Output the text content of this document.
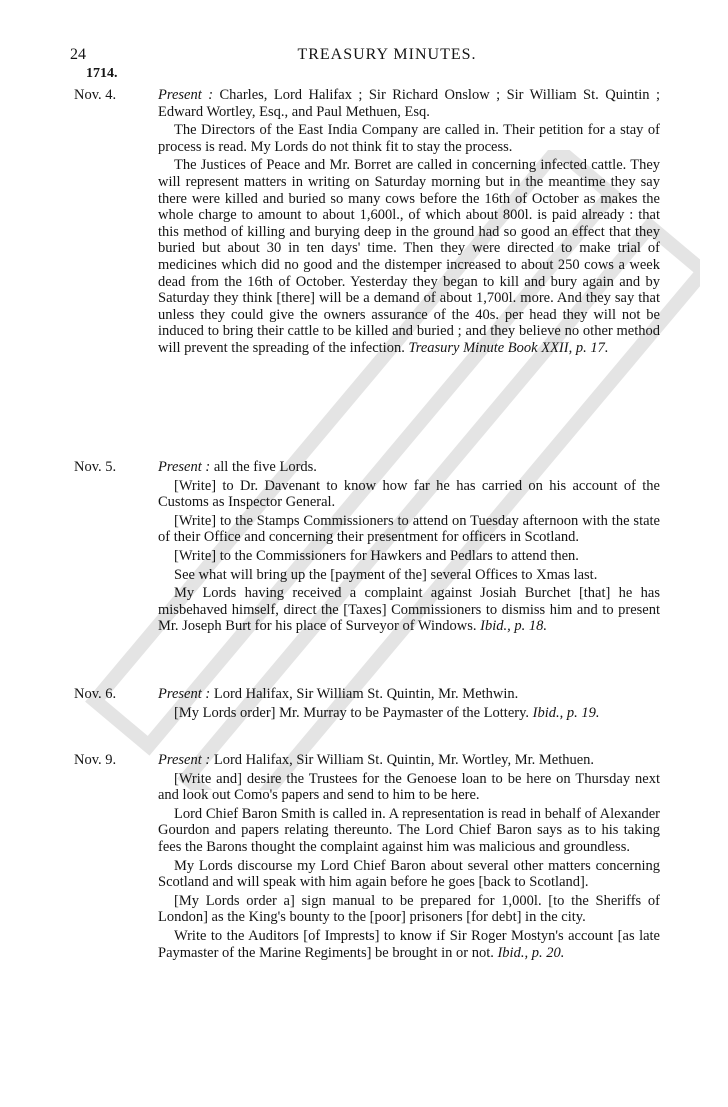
24	TREASURY MINUTES.
1714.
Nov. 4.	Present : Charles, Lord Halifax ; Sir Richard Onslow ; Sir William St. Quintin ; Edward Wortley, Esq., and Paul Methuen, Esq.

The Directors of the East India Company are called in. Their petition for a stay of process is read. My Lords do not think fit to stay the process.

The Justices of Peace and Mr. Borret are called in concerning infected cattle. They will represent matters in writing on Saturday morning but in the meantime they say there were killed and buried so many cows before the 16th of October as makes the whole charge to amount to about 1,600l., of which about 800l. is paid already : that this method of killing and burying deep in the ground had so good an effect that they buried but about 30 in ten days' time. Then they were directed to make trial of medicines which did no good and the distemper increased to about 250 cows a week dead from the 16th of October. Yesterday they began to kill and bury again and by Saturday they think [there] will be a demand of about 1,700l. more. And they say that unless they could give the owners assurance of the 40s. per head they will not be induced to bring their cattle to be killed and buried ; and they believe no other method will prevent the spreading of the infection. Treasury Minute Book XXII, p. 17.

Nov. 5.	Present : all the five Lords.

[Write] to Dr. Davenant to know how far he has carried on his account of the Customs as Inspector General.

[Write] to the Stamps Commissioners to attend on Tuesday afternoon with the state of their Office and concerning their presentment for officers in Scotland.

[Write] to the Commissioners for Hawkers and Pedlars to attend then.

See what will bring up the [payment of the] several Offices to Xmas last.

My Lords having received a complaint against Josiah Burchet [that] he has misbehaved himself, direct the [Taxes] Commissioners to dismiss him and to present Mr. Joseph Burt for his place of Surveyor of Windows. Ibid., p. 18.

Nov. 6.	Present : Lord Halifax, Sir William St. Quintin, Mr. Methwin.

[My Lords order] Mr. Murray to be Paymaster of the Lottery. Ibid., p. 19.

Nov. 9.	Present : Lord Halifax, Sir William St. Quintin, Mr. Wortley, Mr. Methuen.

[Write and] desire the Trustees for the Genoese loan to be here on Thursday next and look out Como's papers and send to him to be here.

Lord Chief Baron Smith is called in. A representation is read in behalf of Alexander Gourdon and papers relating thereunto. The Lord Chief Baron says as to his taking fees the Barons thought the complaint against him was malicious and groundless.

My Lords discourse my Lord Chief Baron about several other matters concerning Scotland and will speak with him again before he goes [back to Scotland].

[My Lords order a] sign manual to be prepared for 1,000l. [to the Sheriffs of London] as the King's bounty to the [poor] prisoners [for debt] in the city.

Write to the Auditors [of Imprests] to know if Sir Roger Mostyn's account [as late Paymaster of the Marine Regiments] be brought in or not. Ibid., p. 20.
